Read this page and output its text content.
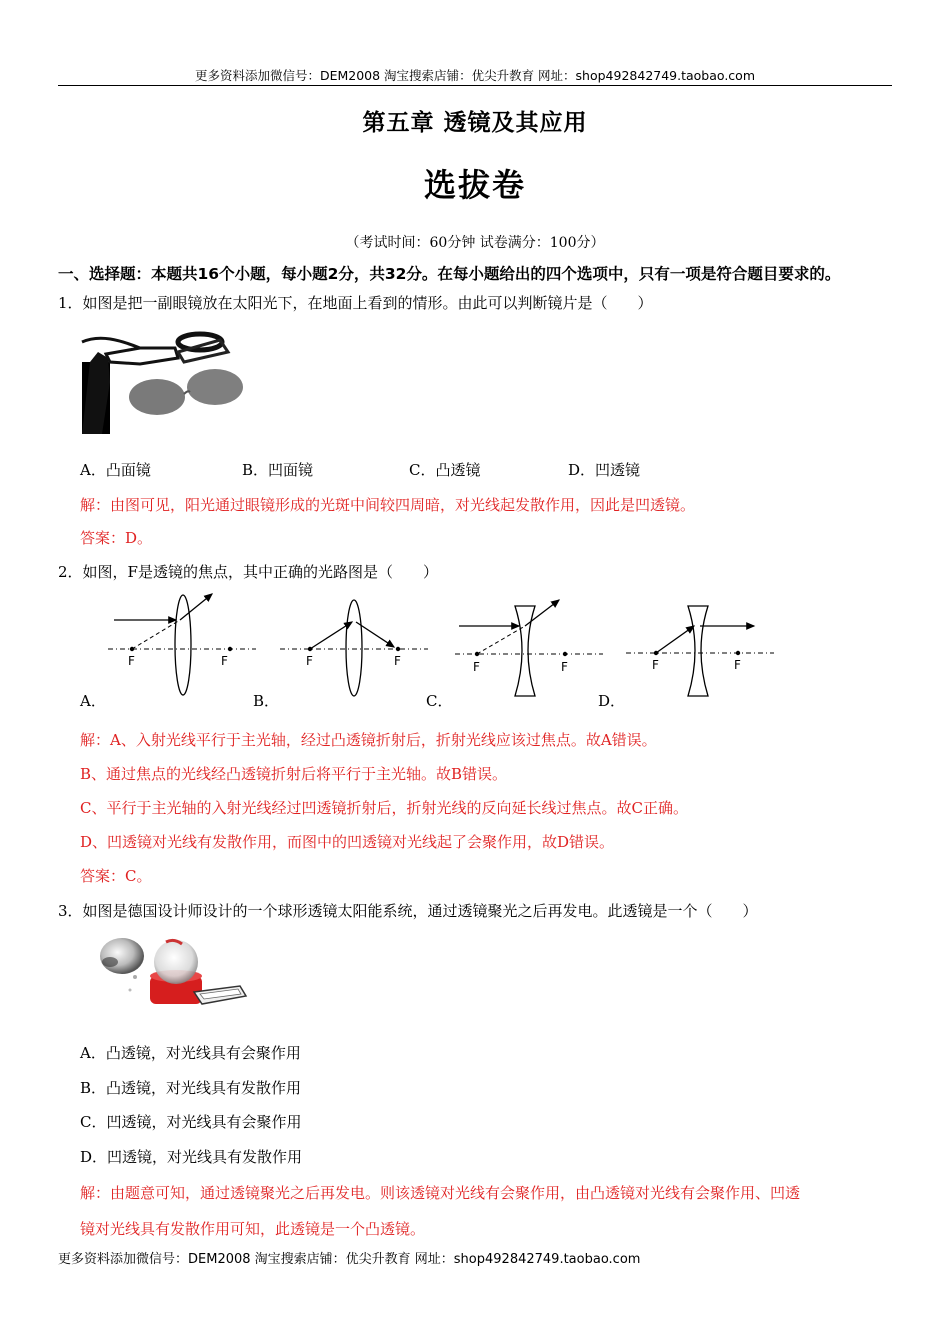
更多资料添加微信号：DEM2008 淘宝搜索店铺：优尖升教育 网址：shop492842749.taobao.com
第五章 透镜及其应用
选拔卷
（考试时间：60分钟 试卷满分：100分）
一、选择题：本题共16个小题，每小题2分，共32分。在每小题给出的四个选项中，只有一项是符合题目要求的。
1．如图是把一副眼镜放在太阳光下，在地面上看到的情形。由此可以判断镜片是（　　）
A．凸面镜	B．凹面镜	C．凸透镜	D．凹透镜
解：由图可见，阳光通过眼镜形成的光斑中间较四周暗，对光线起发散作用，因此是凹透镜。
答案：D。
2．如图，F是透镜的焦点，其中正确的光路图是（　　）
F	F	F	F	F	F	F	F
A．	B．	C．	D．
解：A、入射光线平行于主光轴，经过凸透镜折射后，折射光线应该过焦点。故A错误。
B、通过焦点的光线经凸透镜折射后将平行于主光轴。故B错误。
C、平行于主光轴的入射光线经过凹透镜折射后，折射光线的反向延长线过焦点。故C正确。
D、凹透镜对光线有发散作用，而图中的凹透镜对光线起了会聚作用，故D错误。
答案：C。
3．如图是德国设计师设计的一个球形透镜太阳能系统，通过透镜聚光之后再发电。此透镜是一个（　　）
A．凸透镜，对光线具有会聚作用
B．凸透镜，对光线具有发散作用
C．凹透镜，对光线具有会聚作用
D．凹透镜，对光线具有发散作用
解：由题意可知，通过透镜聚光之后再发电。则该透镜对光线有会聚作用，由凸透镜对光线有会聚作用、凹透
镜对光线具有发散作用可知，此透镜是一个凸透镜。
更多资料添加微信号：DEM2008 淘宝搜索店铺：优尖升教育 网址：shop492842749.taobao.com
